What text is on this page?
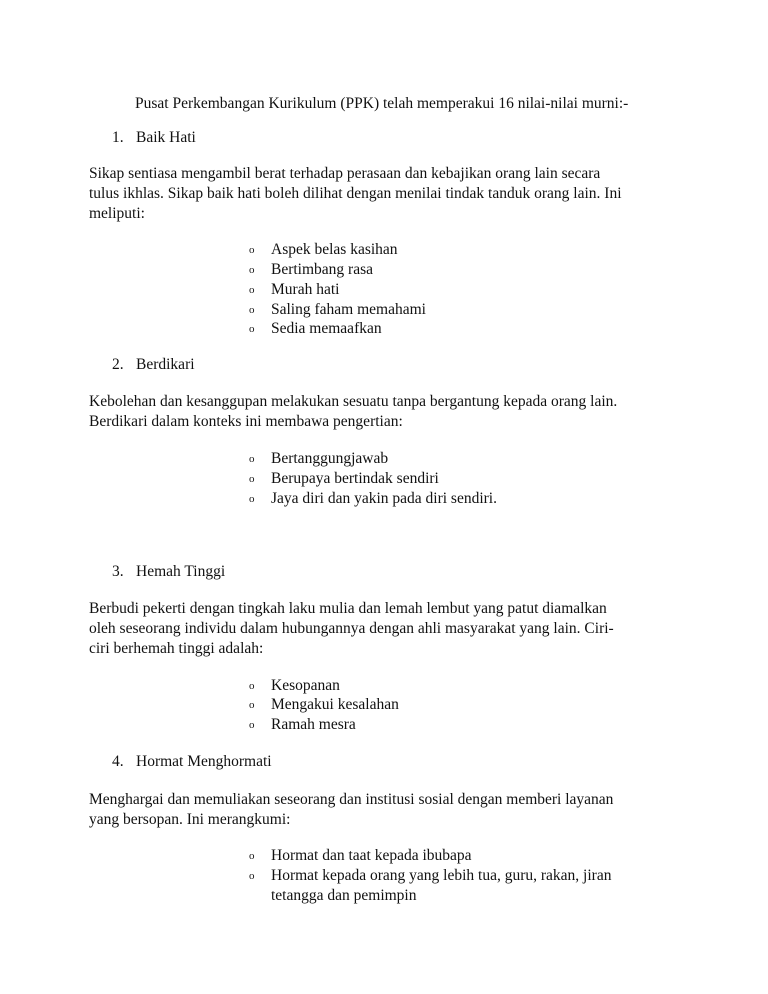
Pusat Perkembangan Kurikulum (PPK) telah memperakui 16 nilai-nilai murni:-
1. Baik Hati
Sikap sentiasa mengambil berat terhadap perasaan dan kebajikan orang lain secara
tulus ikhlas. Sikap baik hati boleh dilihat dengan menilai tindak tanduk orang lain. Ini
meliputi:
o Aspek belas kasihan
o Bertimbang rasa
o Murah hati
o Saling faham memahami
o Sedia memaafkan
2. Berdikari
Kebolehan dan kesanggupan melakukan sesuatu tanpa bergantung kepada orang lain.
Berdikari dalam konteks ini membawa pengertian:
o Bertanggungjawab
o Berupaya bertindak sendiri
o Jaya diri dan yakin pada diri sendiri.
3. Hemah Tinggi
Berbudi pekerti dengan tingkah laku mulia dan lemah lembut yang patut diamalkan
oleh seseorang individu dalam hubungannya dengan ahli masyarakat yang lain. Ciri-
ciri berhemah tinggi adalah:
o Kesopanan
o Mengakui kesalahan
o Ramah mesra
4. Hormat Menghormati
Menghargai dan memuliakan seseorang dan institusi sosial dengan memberi layanan
yang bersopan. Ini merangkumi:
o Hormat dan taat kepada ibubapa
o Hormat kepada orang yang lebih tua, guru, rakan, jiran
tetangga dan pemimpin
